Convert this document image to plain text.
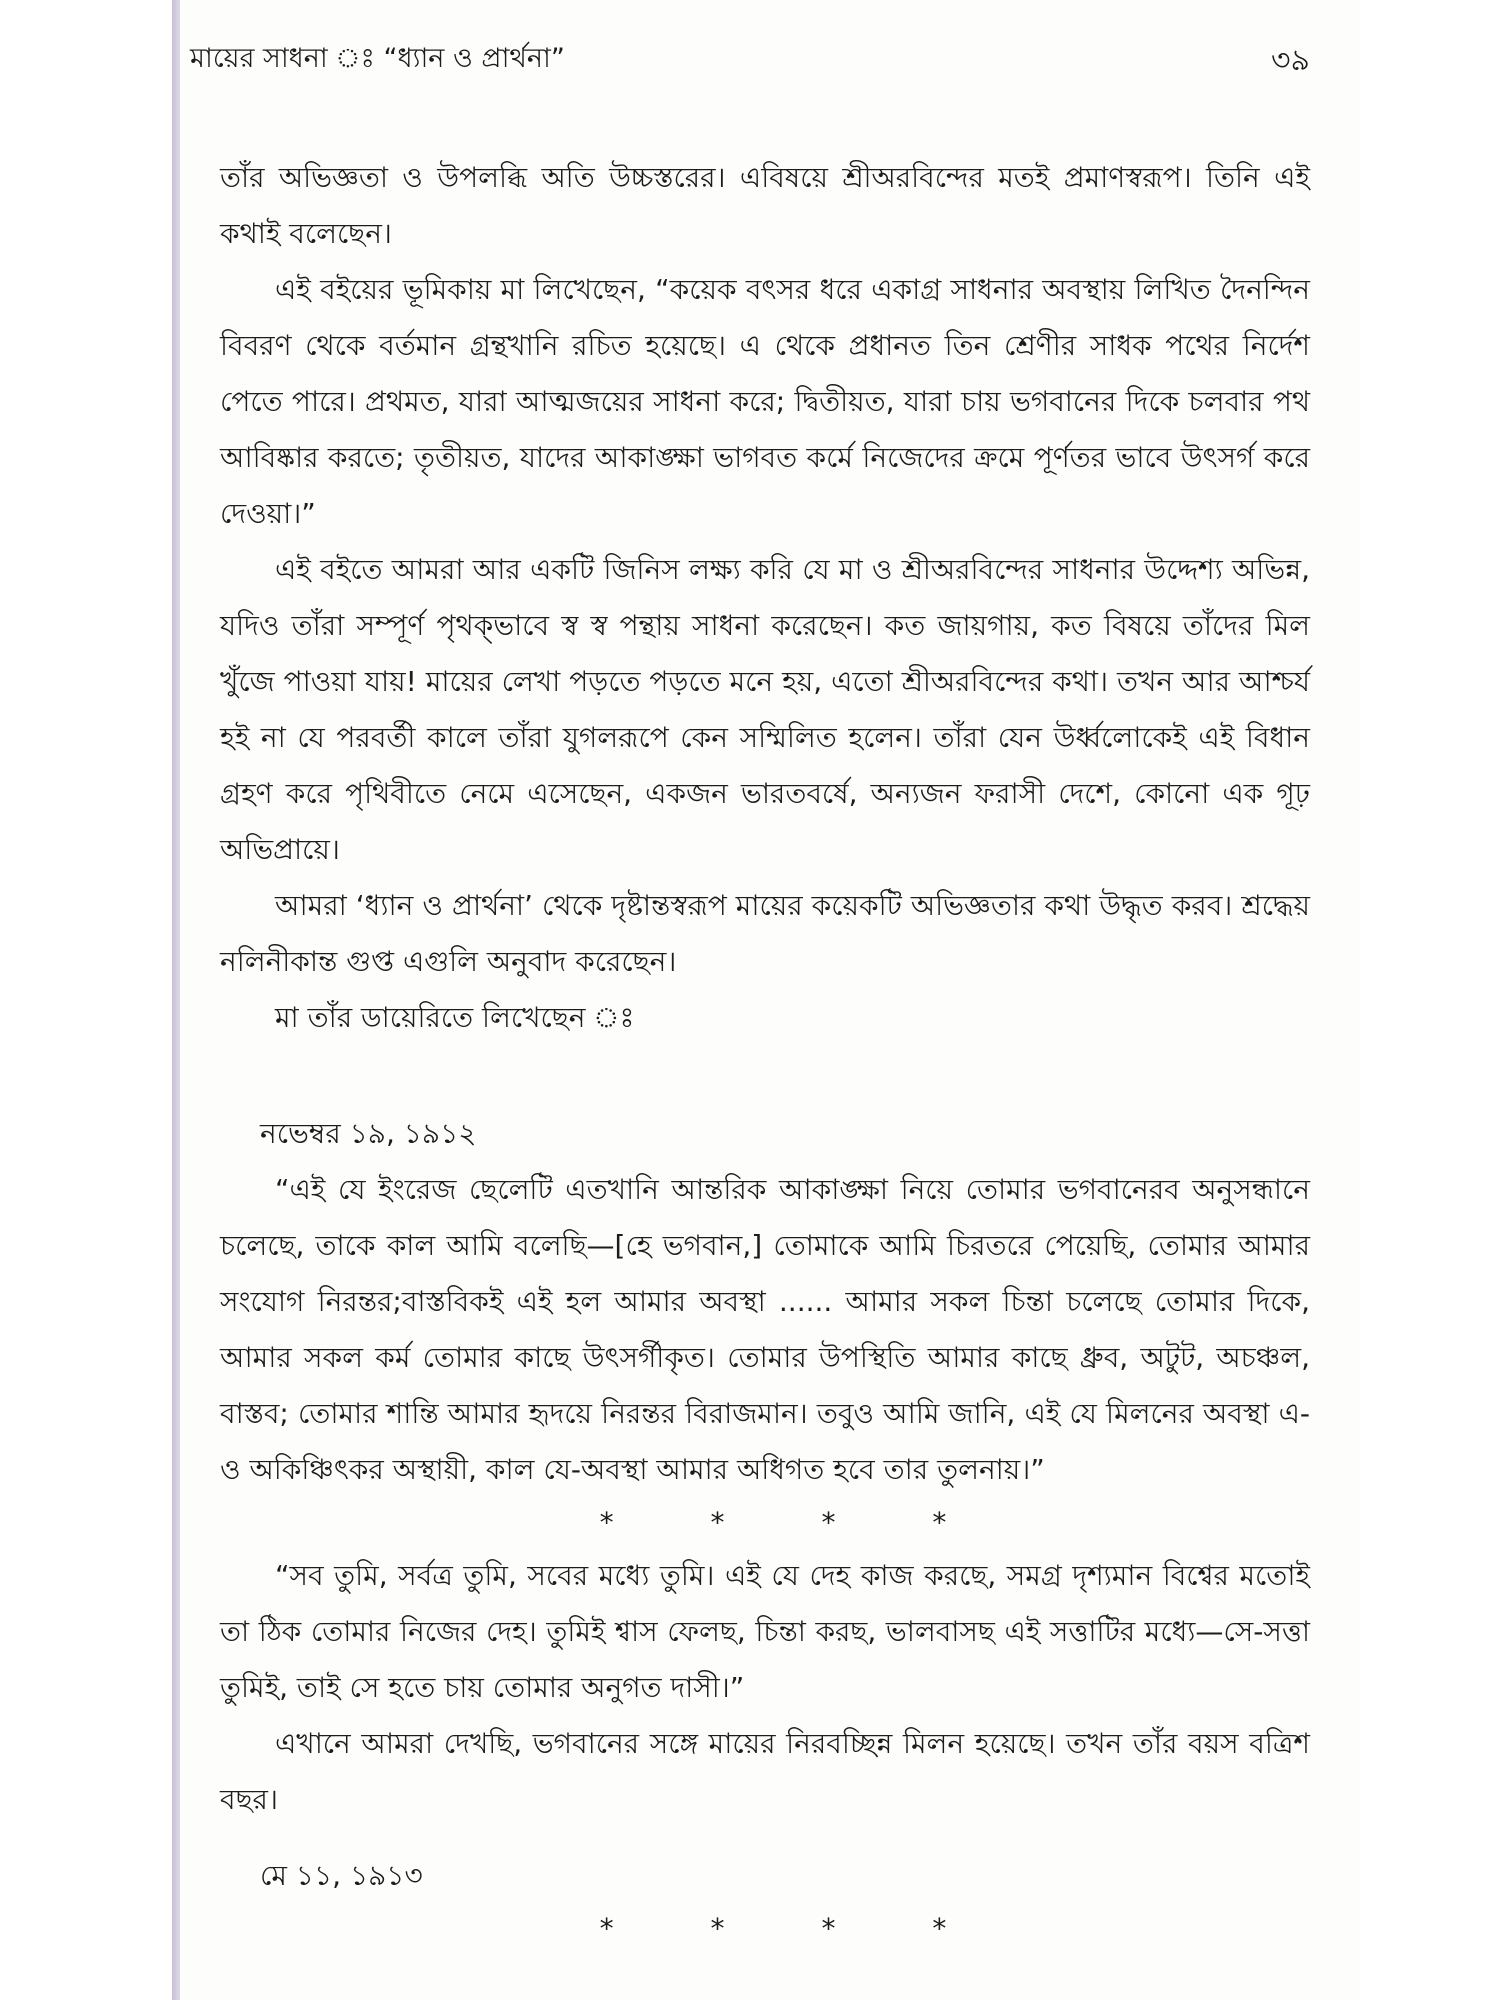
মায়ের সাধনা ঃ “ধ্যান ও প্রার্থনা”	৩৯

তাঁর অভিজ্ঞতা ও উপলব্ধি অতি উচ্চস্তরের। এবিষয়ে শ্রীঅরবিন্দের মতই প্রমাণস্বরূপ। তিনি এই কথাই বলেছেন।

এই বইয়ের ভূমিকায় মা লিখেছেন, “কয়েক বৎসর ধরে একাগ্র সাধনার অবস্থায় লিখিত দৈনন্দিন বিবরণ থেকে বর্তমান গ্রন্থখানি রচিত হয়েছে। এ থেকে প্রধানত তিন শ্রেণীর সাধক পথের নির্দেশ পেতে পারে। প্রথমত, যারা আত্মজয়ের সাধনা করে; দ্বিতীয়ত, যারা চায় ভগবানের দিকে চলবার পথ আবিষ্কার করতে; তৃতীয়ত, যাদের আকাঙ্ক্ষা ভাগবত কর্মে নিজেদের ক্রমে পূর্ণতর ভাবে উৎসর্গ করে দেওয়া।”

এই বইতে আমরা আর একটি জিনিস লক্ষ্য করি যে মা ও শ্রীঅরবিন্দের সাধনার উদ্দেশ্য অভিন্ন, যদিও তাঁরা সম্পূর্ণ পৃথক্‌ভাবে স্ব স্ব পন্থায় সাধনা করেছেন। কত জায়গায়, কত বিষয়ে তাঁদের মিল খুঁজে পাওয়া যায়! মায়ের লেখা পড়তে পড়তে মনে হয়, এতো শ্রীঅরবিন্দের কথা। তখন আর আশ্চর্য হই না যে পরবর্তী কালে তাঁরা যুগলরূপে কেন সম্মিলিত হলেন। তাঁরা যেন উর্ধ্বলোকেই এই বিধান গ্রহণ করে পৃথিবীতে নেমে এসেছেন, একজন ভারতবর্ষে, অন্যজন ফরাসী দেশে, কোনো এক গূঢ় অভিপ্রায়ে।

আমরা ‘ধ্যান ও প্রার্থনা’ থেকে দৃষ্টান্তস্বরূপ মায়ের কয়েকটি অভিজ্ঞতার কথা উদ্ধৃত করব। শ্রদ্ধেয় নলিনীকান্ত গুপ্ত এগুলি অনুবাদ করেছেন।

মা তাঁর ডায়েরিতে লিখেছেন ঃ

নভেম্বর ১৯, ১৯১২

“এই যে ইংরেজ ছেলেটি এতখানি আন্তরিক আকাঙ্ক্ষা নিয়ে তোমার ভগবানেরব অনুসন্ধানে চলেছে, তাকে কাল আমি বলেছি—[হে ভগবান,] তোমাকে আমি চিরতরে পেয়েছি, তোমার আমার সংযোগ নিরন্তর;বাস্তবিকই এই হল আমার অবস্থা ...... আমার সকল চিন্তা চলেছে তোমার দিকে, আমার সকল কর্ম তোমার কাছে উৎসর্গীকৃত। তোমার উপস্থিতি আমার কাছে ধ্রুব, অটুট, অচঞ্চল, বাস্তব; তোমার শান্তি আমার হৃদয়ে নিরন্তর বিরাজমান। তবুও আমি জানি, এই যে মিলনের অবস্থা এ-ও অকিঞ্চিৎকর অস্থায়ী, কাল যে-অবস্থা আমার অধিগত হবে তার তুলনায়।”

* * * *

“সব তুমি, সর্বত্র তুমি, সবের মধ্যে তুমি। এই যে দেহ কাজ করছে, সমগ্র দৃশ্যমান বিশ্বের মতোই তা ঠিক তোমার নিজের দেহ। তুমিই শ্বাস ফেলছ, চিন্তা করছ, ভালবাসছ এই সত্তাটির মধ্যে—সে-সত্তা তুমিই, তাই সে হতে চায় তোমার অনুগত দাসী।”

এখানে আমরা দেখছি, ভগবানের সঙ্গে মায়ের নিরবচ্ছিন্ন মিলন হয়েছে। তখন তাঁর বয়স বত্রিশ বছর।

মে ১১, ১৯১৩

* * * *
